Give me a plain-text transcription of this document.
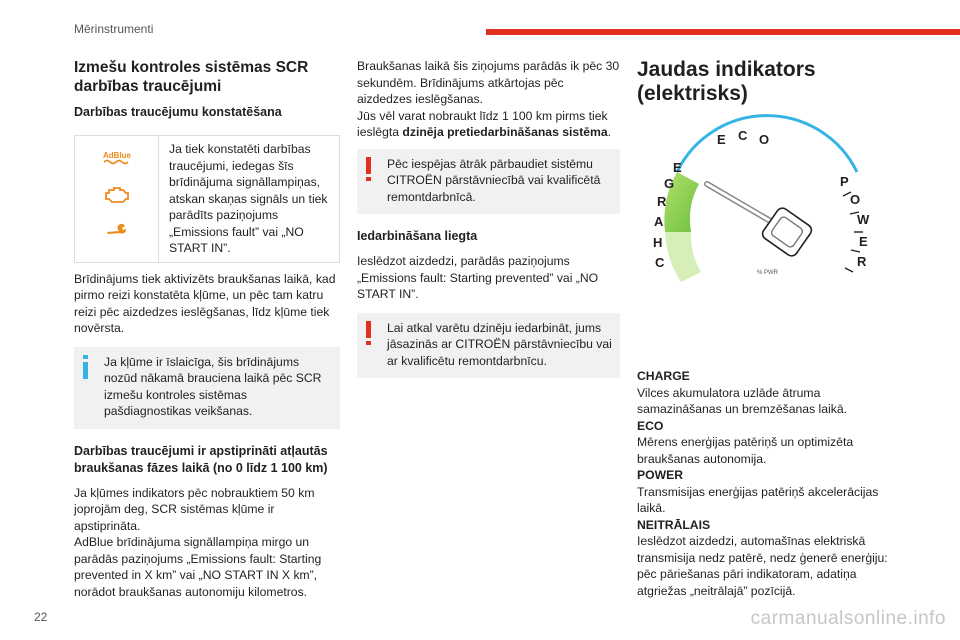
Mērinstrumenti
Izmešu kontroles sistēmas SCR darbības traucējumi
Darbības traucējumu konstatēšana
AdBlue	Ja tiek konstatēti darbības traucējumi, iedegas šīs brīdinājuma signāllampiņas, atskan skaņas signāls un tiek parādīts paziņojums „Emissions fault” vai „NO START IN”.

Brīdinājums tiek aktivizēts braukšanas laikā, kad pirmo reizi konstatēta kļūme, un pēc tam katru reizi pēc aizdedzes ieslēgšanas, līdz kļūme tiek novērsta.

Ja kļūme ir īslaicīga, šis brīdinājums nozūd nākamā brauciena laikā pēc SCR izmešu kontroles sistēmas pašdiagnostikas veikšanas.

Darbības traucējumi ir apstiprināti atļautās braukšanas fāzes laikā (no 0 līdz 1 100 km)

Ja kļūmes indikators pēc nobrauktiem 50 km joprojām deg, SCR sistēmas kļūme ir apstiprināta.

AdBlue brīdinājuma signāllampiņa mirgo un parādās paziņojums „Emissions fault: Starting prevented in X km” vai „NO START IN X km”, norādot braukšanas autonomiju kilometros.

Braukšanas laikā šis ziņojums parādās ik pēc 30 sekundēm. Brīdinājums atkārtojas pēc aizdedzes ieslēgšanas.

Jūs vēl varat nobraukt līdz 1 100 km pirms tiek ieslēgta dzinēja pretiedarbināšanas sistēma.

Pēc iespējas ātrāk pārbaudiet sistēmu CITROËN pārstāvniecībā vai kvalificētā remontdarbnīcā.

Iedarbināšana liegta

Ieslēdzot aizdedzi, parādās paziņojums „Emissions fault: Starting prevented” vai „NO START IN”.

Lai atkal varētu dzinēju iedarbināt, jums jāsazinās ar CITROËN pārstāvniecību vai ar kvalificētu remontdarbnīcu.

Jaudas indikators (elektrisks)
E C O
C
H
A
R
G
E
P
O
W
E
R
% PWR

CHARGE

Vilces akumulatora uzlāde ātruma samazināšanas un bremzēšanas laikā.

ECO

Mērens enerģijas patēriņš un optimizēta braukšanas autonomija.

POWER

Transmisijas enerģijas patēriņš akcelerācijas laikā.

NEITRĀLAIS

Ieslēdzot aizdedzi, automašīnas elektriskā transmisija nedz patērē, nedz ģenerē enerģiju: pēc pāriešanas pāri indikatoram, adatiņa atgriežas „neitrālajā” pozīcijā.

22	carmanualsonline.info
